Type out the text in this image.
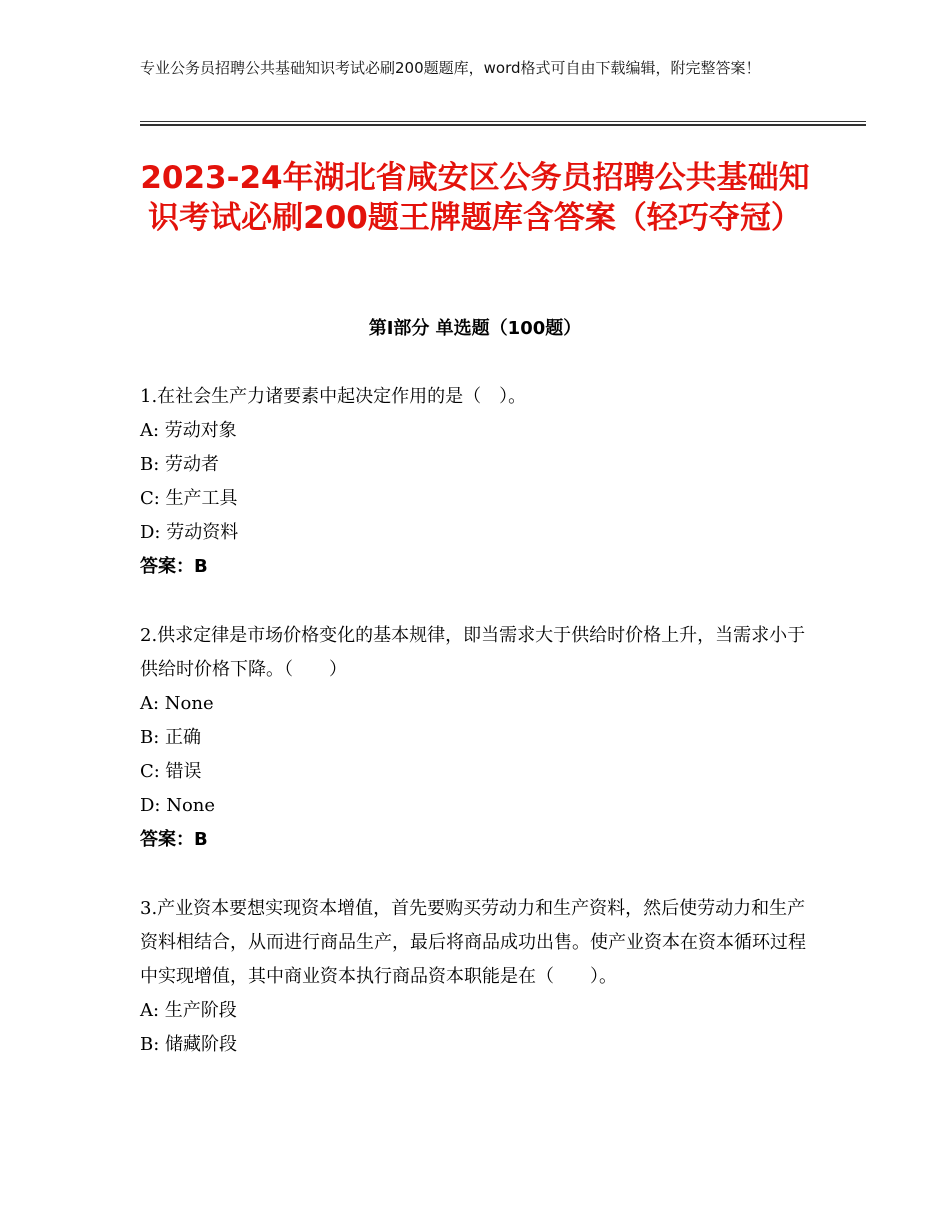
专业公务员招聘公共基础知识考试必刷200题题库，word格式可自由下载编辑，附完整答案！
2023-24年湖北省咸安区公务员招聘公共基础知识考试必刷200题王牌题库含答案（轻巧夺冠）
第Ⅰ部分 单选题（100题）

1.在社会生产力诸要素中起决定作用的是（　）。

A: 劳动对象

B: 劳动者

C: 生产工具

D: 劳动资料

答案：B

2.供求定律是市场价格变化的基本规律，即当需求大于供给时价格上升，当需求小于供给时价格下降。（　　）

A: None

B: 正确

C: 错误

D: None

答案：B

3.产业资本要想实现资本增值，首先要购买劳动力和生产资料，然后使劳动力和生产资料相结合，从而进行商品生产，最后将商品成功出售。使产业资本在资本循环过程中实现增值，其中商业资本执行商品资本职能是在（　　）。

A: 生产阶段

B: 储藏阶段
